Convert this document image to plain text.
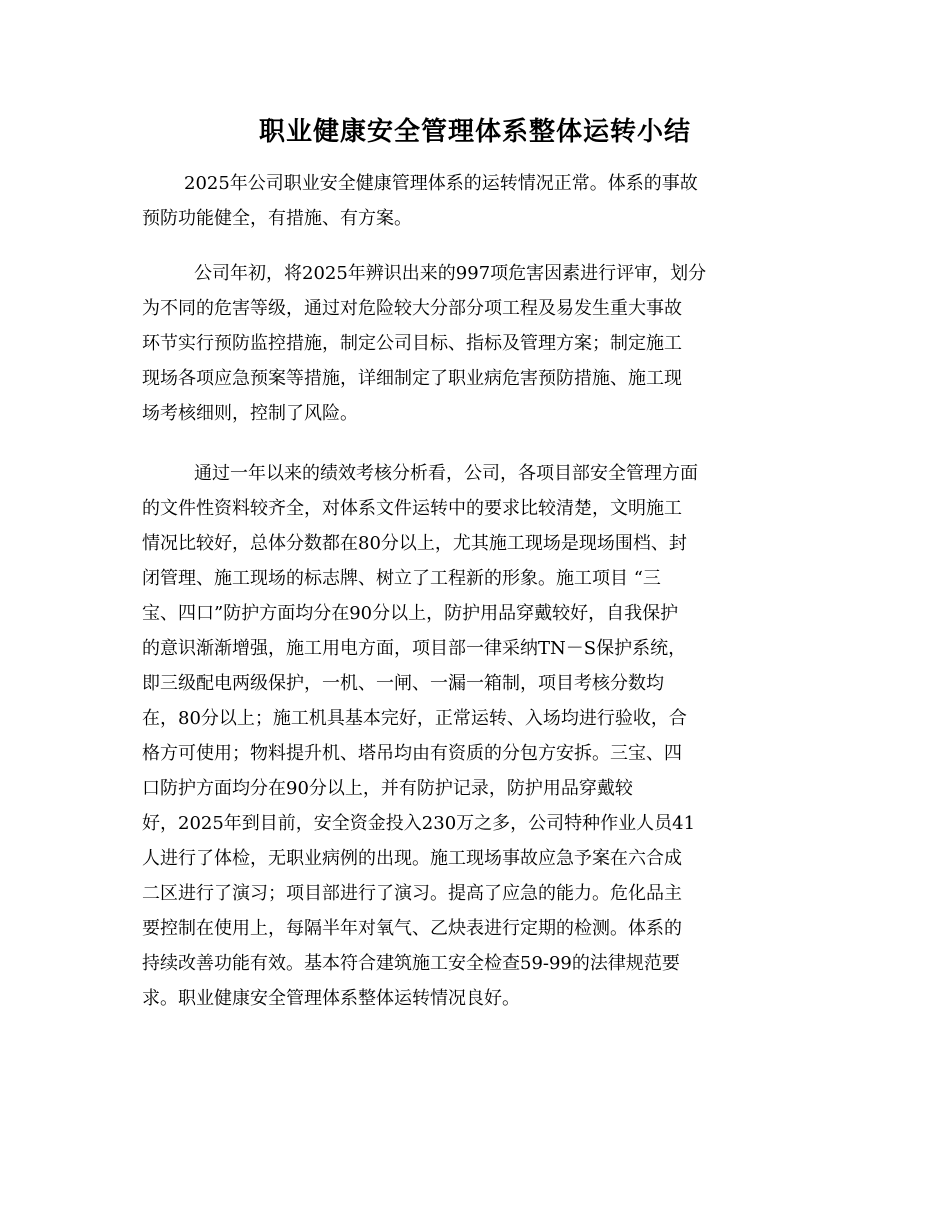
职业健康安全管理体系整体运转小结
2025年公司职业安全健康管理体系的运转情况正常。体系的事故
预防功能健全，有措施、有方案。
公司年初，将2025年辨识出来的997项危害因素进行评审，划分
为不同的危害等级，通过对危险较大分部分项工程及易发生重大事故
环节实行预防监控措施，制定公司目标、指标及管理方案；制定施工
现场各项应急预案等措施，详细制定了职业病危害预防措施、施工现
场考核细则，控制了风险。
通过一年以来的绩效考核分析看，公司，各项目部安全管理方面
的文件性资料较齐全，对体系文件运转中的要求比较清楚，文明施工
情况比较好，总体分数都在80分以上，尤其施工现场是现场围档、封
闭管理、施工现场的标志牌、树立了工程新的形象。施工项目 “三
宝、四口”防护方面均分在90分以上，防护用品穿戴较好，自我保护
的意识渐渐增强，施工用电方面，项目部一律采纳TN－S保护系统，
即三级配电两级保护，一机、一闸、一漏一箱制，项目考核分数均
在，80分以上；施工机具基本完好，正常运转、入场均进行验收，合
格方可使用；物料提升机、塔吊均由有资质的分包方安拆。三宝、四
口防护方面均分在90分以上，并有防护记录，防护用品穿戴较
好，2025年到目前，安全资金投入230万之多，公司特种作业人员41
人进行了体检，无职业病例的出现。施工现场事故应急予案在六合成
二区进行了演习；项目部进行了演习。提高了应急的能力。危化品主
要控制在使用上，每隔半年对氧气、乙炔表进行定期的检测。体系的
持续改善功能有效。基本符合建筑施工安全检查59-99的法律规范要
求。职业健康安全管理体系整体运转情况良好。
